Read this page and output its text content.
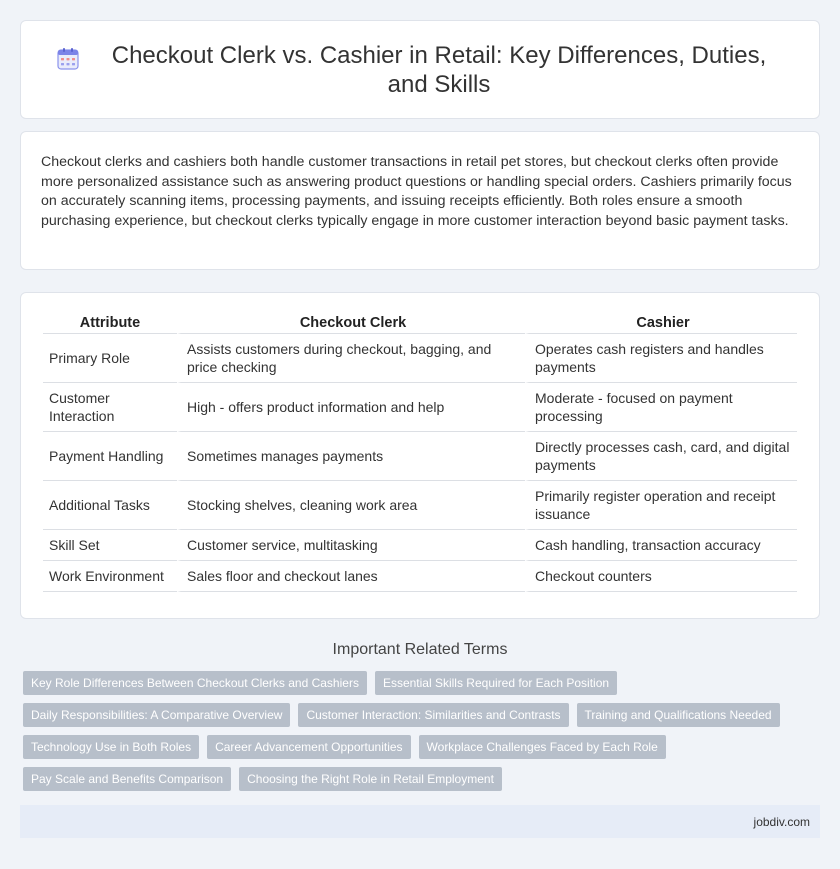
Checkout Clerk vs. Cashier in Retail: Key Differences, Duties, and Skills

Checkout clerks and cashiers both handle customer transactions in retail pet stores, but checkout clerks often provide more personalized assistance such as answering product questions or handling special orders. Cashiers primarily focus on accurately scanning items, processing payments, and issuing receipts efficiently. Both roles ensure a smooth purchasing experience, but checkout clerks typically engage in more customer interaction beyond basic payment tasks.

Attribute	Checkout Clerk	Cashier
Primary Role	Assists customers during checkout, bagging, and price checking	Operates cash registers and handles payments
Customer Interaction	High - offers product information and help	Moderate - focused on payment processing
Payment Handling	Sometimes manages payments	Directly processes cash, card, and digital payments
Additional Tasks	Stocking shelves, cleaning work area	Primarily register operation and receipt issuance
Skill Set	Customer service, multitasking	Cash handling, transaction accuracy
Work Environment	Sales floor and checkout lanes	Checkout counters
Important Related Terms
Key Role Differences Between Checkout Clerks and Cashiers	Essential Skills Required for Each Position
Daily Responsibilities: A Comparative Overview	Customer Interaction: Similarities and Contrasts	Training and Qualifications Needed
Technology Use in Both Roles	Career Advancement Opportunities	Workplace Challenges Faced by Each Role
Pay Scale and Benefits Comparison	Choosing the Right Role in Retail Employment
jobdiv.com
